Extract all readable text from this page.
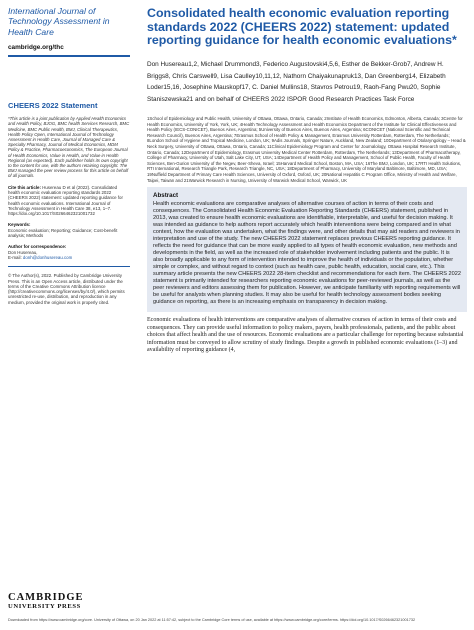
International Journal of Technology Assessment in Health Care
cambridge.org/thc
CHEERS 2022 Statement
*This article is a joint publication by Applied Health Economics and Health Policy, BJOG, BMC health Services Research, BMC Medicine, BMC Public Health, BMJ, Clinical Therapeutics, Health Policy Open, International Journal of Technology Assessment in Health Care, Journal of Managed Care & Specialty Pharmacy, Journal of Medical Economics, MDM Policy & Practice, Pharmacoeconomics, The European Journal of Health Economics, Value in Health, and Value in Health Regional (as expected). Each publisher holds its own copyright to the content for use, with the authors retaining copyright. The BMJ managed the peer review process for this article on behalf of all journals.
Cite this article: Husereau D et al (2022). Consolidated health economic evaluation reporting standards 2022 (CHEERS 2022) statement: updated reporting guidance for health economic evaluations. International Journal of Technology Assessment in Health Care 38, e13, 1–7. https://doi.org/10.1017/S0266462321001732
Keywords:
Economic evaluation; Reporting; Guidance; Cost-benefit analysis; Methods
Author for correspondence:
Don Husereau,
E-mail: donh@donhusereau.com
© The Author(s), 2022. Published by Cambridge University Press. This is an Open Access article, distributed under the terms of the Creative Commons Attribution licence (http://creativecommons.org/licenses/by/4.0/), which permits unrestricted re-use, distribution, and reproduction in any medium, provided the original work is properly cited.
CAMBRIDGE
UNIVERSITY PRESS
Consolidated health economic evaluation reporting standards 2022 (CHEERS 2022) statement: updated reporting guidance for health economic evaluations*
Don Husereau1,2, Michael Drummond3, Federico Augustovski4,5,6, Esther de Bekker-Grob7, Andrew H. Briggs8, Chris Carswell9, Lisa Caulley10,11,12, Nathorn Chaiyakunapruk13, Dan Greenberg14, Elizabeth Loder15,16, Josephine Mauskopf17, C. Daniel Mullins18, Stavros Petrou19, Raoh-Fang Pwu20, Sophie Staniszewska21 and on behalf of CHEERS 2022 ISPOR Good Research Practices Task Force
1School of Epidemiology and Public Health, University of Ottawa, Ottawa, Ontario, Canada; 2Institute of Health Economics, Edmonton, Alberta, Canada; 3Centre for Health Economics, University of York, York, UK; 4Health Technology Assessment and Health Economics Department of the Institute for Clinical Effectiveness and Health Policy (IECS-CONICET), Buenos Aires, Argentina; 5University of Buenos Aires, Buenos Aires, Argentina; 6CONICET (National Scientific and Technical Research Council), Buenos Aires, Argentina; 7Erasmus School of Health Policy & Management, Erasmus University Rotterdam, Rotterdam, The Netherlands; 8London School of Hygiene and Tropical Medicine, London, UK; 9Adis Journals, Springer Nature, Auckland, New Zealand; 10Department of Otolaryngology – Head & Neck Surgery, University of Ottawa, Ottawa, Ontario, Canada; 11Clinical Epidemiology Program and Center for Journalology, Ottawa Hospital Research Institute, Ontario, Canada; 12Department of Epidemiology, Erasmus University Medical Center Rotterdam, Rotterdam, The Netherlands; 13Department of Pharmacotherapy, College of Pharmacy, University of Utah, Salt Lake City, UT, USA; 14Department of Health Policy and Management, School of Public Health, Faculty of Health Sciences, Ben-Gurion University of the Negev, Beer-Sheva, Israel; 15Harvard Medical School, Boston, MA, USA; 16The BMJ, London, UK; 17RTI Health Solutions, RTI International, Research Triangle Park, Research Triangle, NC, USA; 18Department of Pharmacy, University of Maryland Baltimore, Baltimore, MD, USA; 19Nuffield Department of Primary Care Health Sciences, University of Oxford, Oxford, UK; 20National Hepatitis C Program Office, Ministry of Health and Welfare, Taipei, Taiwan and 21Warwick Research in Nursing, University of Warwick Medical School, Warwick, UK
Abstract
Health economic evaluations are comparative analyses of alternative courses of action in terms of their costs and consequences. The Consolidated Health Economic Evaluation Reporting Standards (CHEERS) statement, published in 2013, was created to ensure health economic evaluations are identifiable, interpretable, and useful for decision making. It was intended as guidance to help authors report accurately which health interventions were being compared and in what context, how the evaluation was undertaken, what the findings were, and other details that may aid readers and reviewers in interpretation and use of the study. The new CHEERS 2022 statement replaces previous CHEERS reporting guidance. It reflects the need for guidance that can be more easily applied to all types of health economic evaluation, new methods and developments in the field, as well as the increased role of stakeholder involvement including patients and the public. It is also broadly applicable to any form of intervention intended to improve the health of individuals or the population, whether simple or complex, and without regard to context (such as health care, public health, education, social care, etc.). This summary article presents the new CHEERS 2022 28-item checklist and recommendations for each item. The CHEERS 2022 statement is primarily intended for researchers reporting economic evaluations for peer-reviewed journals, as well as the peer reviewers and editors assessing them for publication. However, we anticipate familiarity with reporting requirements will be useful for analysts when planning studies. It may also be useful for health technology assessment bodies seeking guidance on reporting, as there is an increasing emphasis on transparency in decision making.
Economic evaluations of health interventions are comparative analyses of alternative courses of action in terms of their costs and consequences. They can provide useful information to policy makers, payers, health professionals, patients, and the public about choices that affect health and the use of resources. Economic evaluations are a particular challenge for reporting because substantial information must be conveyed to allow scrutiny of study findings. Despite a growth in published economic evaluations (1–3) and availability of reporting guidance (4,
Downloaded from https://www.cambridge.org/core. University of Ottawa, on 20 Jan 2022 at 11:57:42, subject to the Cambridge Core terms of use, available at https://www.cambridge.org/core/terms. https://doi.org/10.1017/S0266462321001732
